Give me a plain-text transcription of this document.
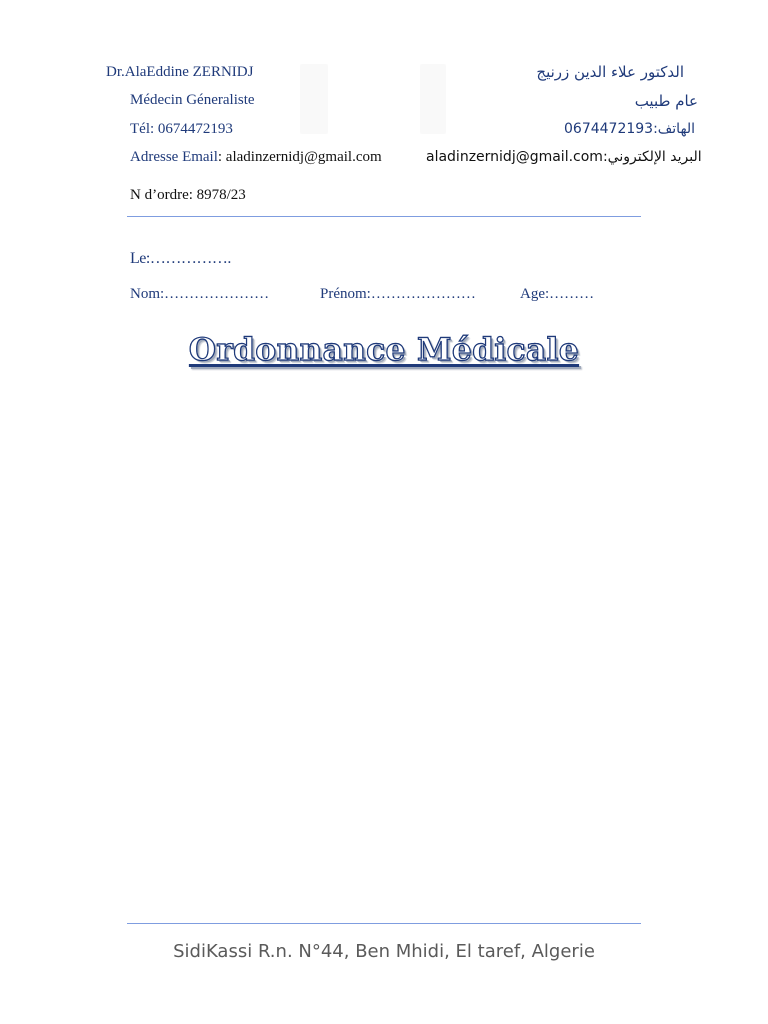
Dr.AlaEddine ZERNIDJ
Médecin Géneraliste
Tél: 0674472193
Adresse Email: aladinzernidj@gmail.com
N d’ordre: 8978/23
الدكتور علاء الدين زرنيج
عام طبيب
0674472193:الهاتف
aladinzernidj@gmail.com:البريد الإلكتروني
Le:…………….
Nom:…………………	Prénom:…………………	Age:………
Ordonnance Médicale
SidiKassi R.n. N°44, Ben Mhidi, El taref, Algerie
